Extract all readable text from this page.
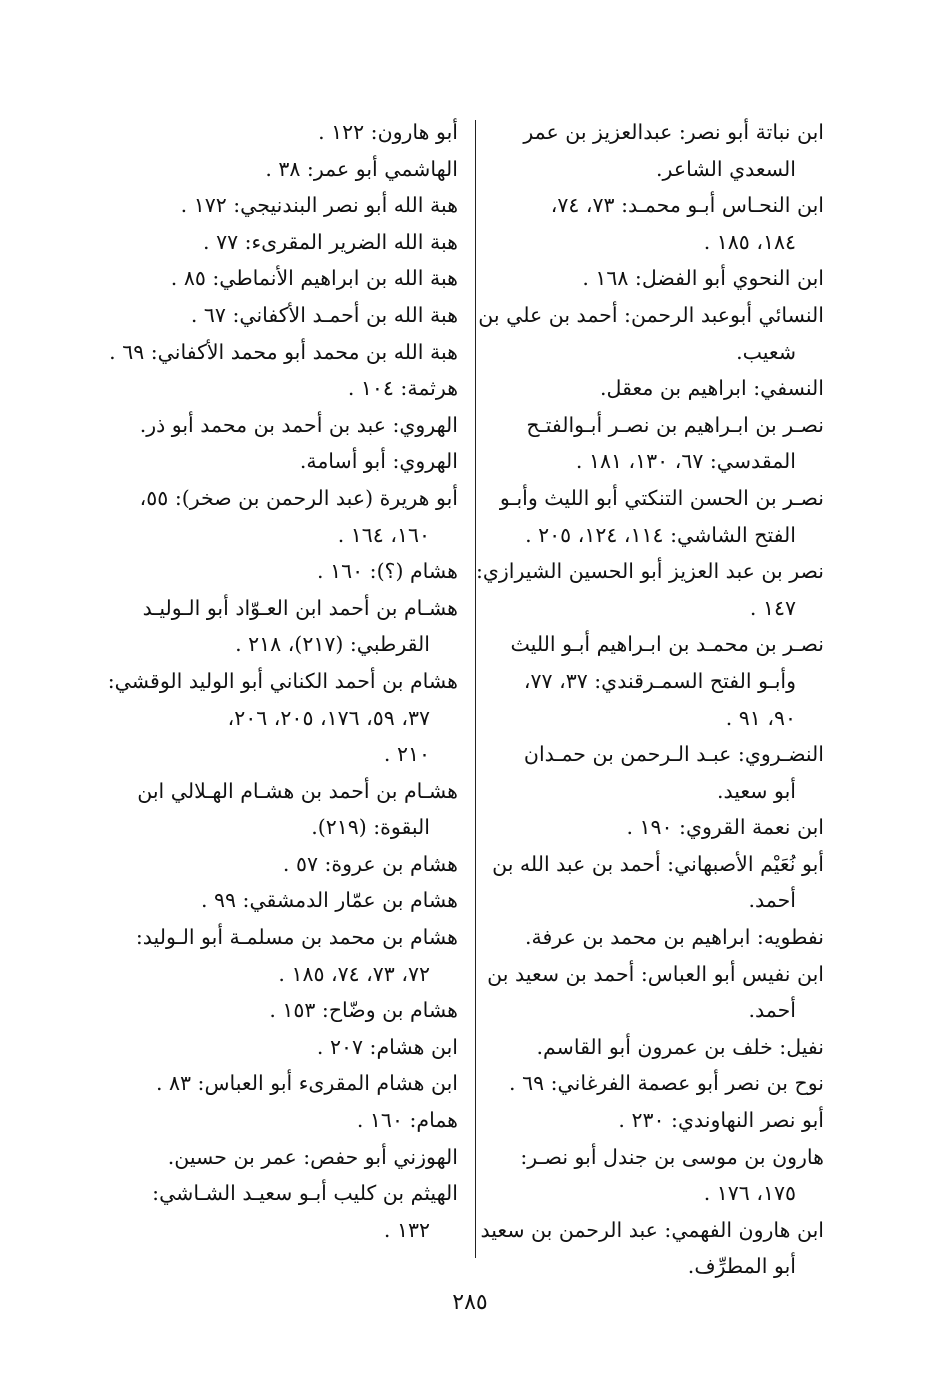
ابن نباتة أبو نصر: عبدالعزيز بن عمر
السعدي الشاعر.
ابن النحـاس أبـو محمـد: ٧٣، ٧٤،
١٨٤، ١٨٥ .
ابن النحوي أبو الفضل: ١٦٨ .
النسائي أبوعبد الرحمن: أحمد بن علي بن
شعيب.
النسفي: ابراهيم بن معقل.
نصـر بن ابـراهيم بن نصـر أبـوالفتـح
المقدسي: ٦٧، ١٣٠، ١٨١ .
نصـر بن الحسن التنكتي أبو الليث وأبـو
الفتح الشاشي: ١١٤، ١٢٤، ٢٠٥ .
نصر بن عبد العزيز أبو الحسين الشيرازي:
١٤٧ .
نصـر بن محمـد بن ابـراهيم أبـو الليث
وأبـو الفتح السمـرقندي: ٣٧، ٧٧،
٩٠، ٩١ .
النضـروي: عبـد الـرحمن بن حمـدان
أبو سعيد.
ابن نعمة القروي: ١٩٠ .
أبو نُعَيْم الأصبهاني: أحمد بن عبد الله بن
أحمد.
نفطويه: ابراهيم بن محمد بن عرفة.
ابن نفيس أبو العباس: أحمد بن سعيد بن
أحمد.
نفيل: خلف بن عمرون أبو القاسم.
نوح بن نصر أبو عصمة الفرغاني: ٦٩ .
أبو نصر النهاوندي: ٢٣٠ .
هارون بن موسى بن جندل أبو نصـر:
١٧٥، ١٧٦ .
ابن هارون الفهمي: عبد الرحمن بن سعيد
أبو المطرِّف.
أبو هارون: ١٢٢ .
الهاشمي أبو عمر: ٣٨ .
هبة الله أبو نصر البندنيجي: ١٧٢ .
هبة الله الضرير المقرىء: ٧٧ .
هبة الله بن ابراهيم الأنماطي: ٨٥ .
هبة الله بن أحمـد الأكفاني: ٦٧ .
هبة الله بن محمد أبو محمد الأكفاني: ٦٩ .
هرثمة: ١٠٤ .
الهروي: عبد بن أحمد بن محمد أبو ذر.
الهروي: أبو أسامة.
أبو هريرة (عبد الرحمن بن صخر): ٥٥،
١٦٠، ١٦٤ .
هشام (؟): ١٦٠ .
هشـام بن أحمد ابن العـوّاد أبو الـوليـد
القرطبي: (٢١٧)، ٢١٨ .
هشام بن أحمد الكناني أبو الوليد الوقشي:
٣٧، ٥٩، ١٧٦، ٢٠٥، ٢٠٦،
٢١٠ .
هشـام بن أحمد بن هشـام الهـلالي ابن
البقوة: (٢١٩).
هشام بن عروة: ٥٧ .
هشام بن عمّار الدمشقي: ٩٩ .
هشام بن محمد بن مسلمـة أبو الـوليد:
٧٢، ٧٣، ٧٤، ١٨٥ .
هشام بن وضّاح: ١٥٣ .
ابن هشام: ٢٠٧ .
ابن هشام المقرىء أبو العباس: ٨٣ .
همام: ١٦٠ .
الهوزني أبو حفص: عمر بن حسين.
الهيثم بن كليب أبـو سعيـد الشـاشي:
١٣٢ .
٢٨٥
